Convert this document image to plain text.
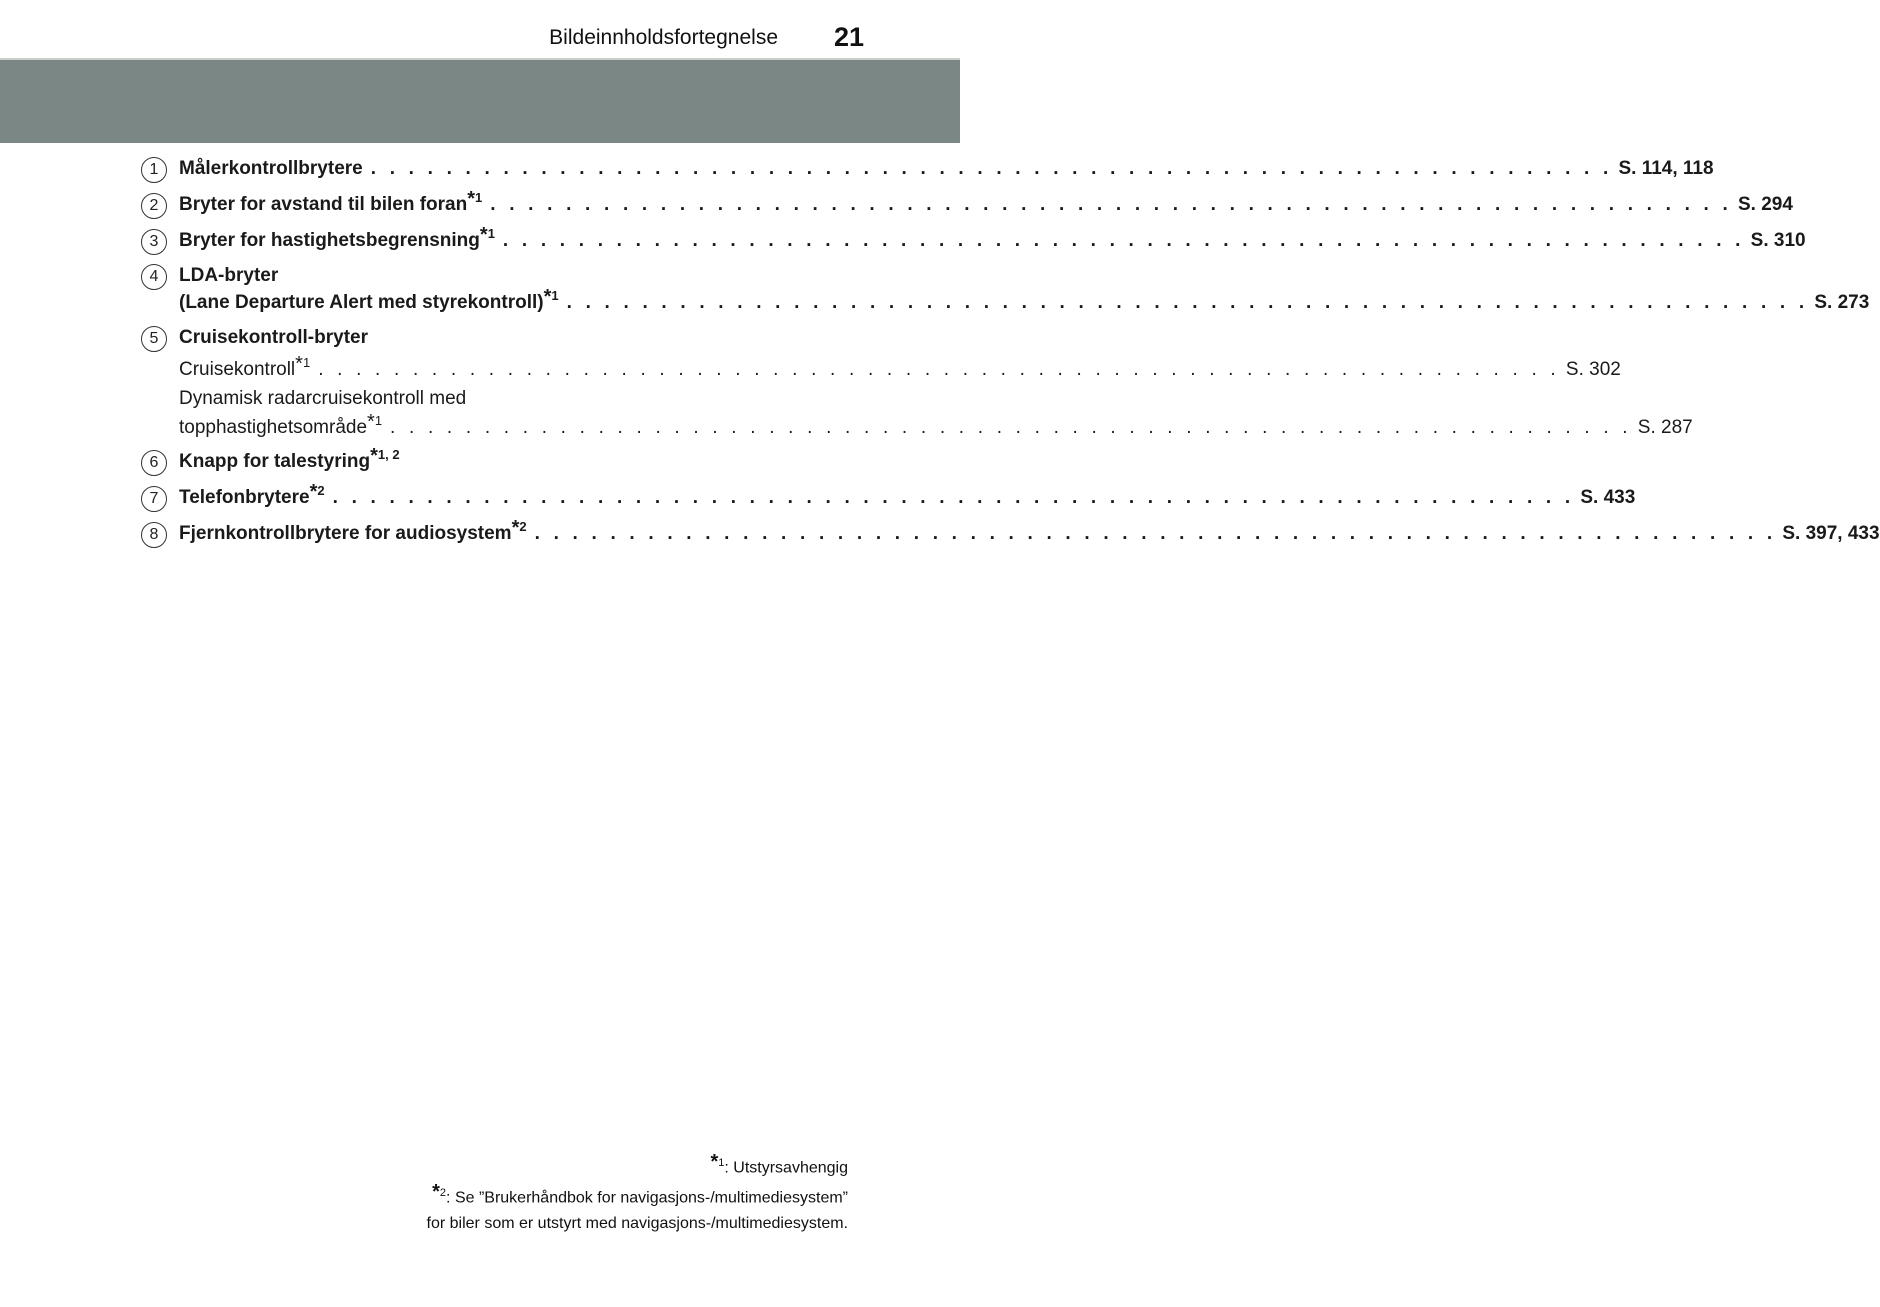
Bildeinnholdsfortegnelse 21
1	Målerkontrollbrytere . . . . . . . . . . . . . . . . . . . . . . . . . . . . . . . . . . . . . . . . . . . . . . . . . . . . . . . . . . . . . . . . . . S. 114, 118
2	Bryter for avstand til bilen foran$^{*1}$ . . . . . . . . . . . . . . . . . . . . . . . . . . . . . . . . . . . . . . . . . . . . . . . . . . . . . . . . . . . . . . . . . . S. 294
3	Bryter for hastighetsbegrensning$^{*1}$ . . . . . . . . . . . . . . . . . . . . . . . . . . . . . . . . . . . . . . . . . . . . . . . . . . . . . . . . . . . . . . . . . . S. 310
4	LDA-bryter
(Lane Departure Alert med styrekontroll)$^{*1}$ . . . . . . . . . . . . . . . . . . . . . . . . . . . . . . . . . . . . . . . . . . . . . . . . . . . . . . . . . . . . . . . . . . S. 273
5	Cruisekontroll-bryter
Cruisekontroll$^{*1}$ . . . . . . . . . . . . . . . . . . . . . . . . . . . . . . . . . . . . . . . . . . . . . . . . . . . . . . . . . . . . . . . . . . S. 302
Dynamisk radarcruisekontroll med
topphastighetsområde$^{*1}$ . . . . . . . . . . . . . . . . . . . . . . . . . . . . . . . . . . . . . . . . . . . . . . . . . . . . . . . . . . . . . . . . . . S. 287
6	Knapp for talestyring$^{*1, 2}$
7	Telefonbrytere$^{*2}$ . . . . . . . . . . . . . . . . . . . . . . . . . . . . . . . . . . . . . . . . . . . . . . . . . . . . . . . . . . . . . . . . . . S. 433
8	Fjernkontrollbrytere for audiosystem$^{*2}$ . . . . . . . . . . . . . . . . . . . . . . . . . . . . . . . . . . . . . . . . . . . . . . . . . . . . . . . . . . . . . . . . . . S. 397, 433
$^{*1}$: Utstyrsavhengig
$^{*2}$: Se ”Brukerhåndbok for navigasjons-/multimediesystem”
for biler som er utstyrt med navigasjons-/multimediesystem.
